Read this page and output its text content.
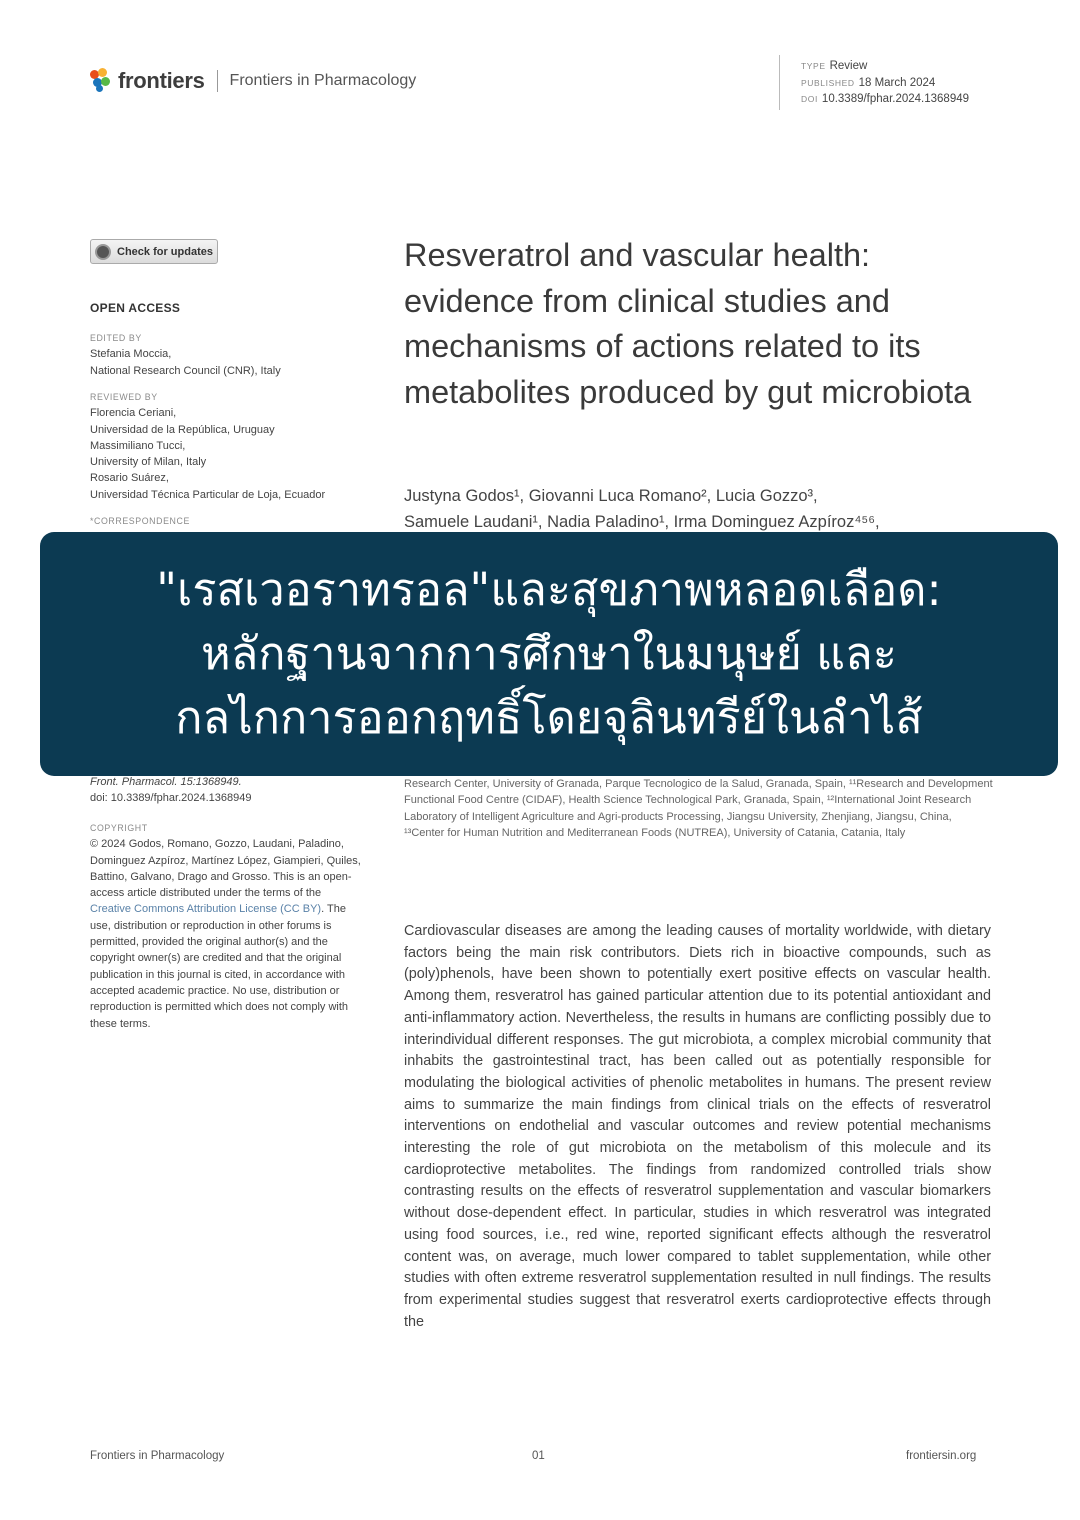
frontiers Frontiers in Pharmacology
TYPE Review
PUBLISHED 18 March 2024
DOI 10.3389/fphar.2024.1368949
Check for updates
OPEN ACCESS
EDITED BY
Stefania Moccia,
National Research Council (CNR), Italy
REVIEWED BY
Florencia Ceriani,
Universidad de la República, Uruguay
Massimiliano Tucci,
University of Milan, Italy
Rosario Suárez,
Universidad Técnica Particular de Loja, Ecuador
*CORRESPONDENCE
Front. Pharmacol. 15:1368949.
doi: 10.3389/fphar.2024.1368949
COPYRIGHT
© 2024 Godos, Romano, Gozzo, Laudani, Paladino, Dominguez Azpíroz, Martínez López, Giampieri, Quiles, Battino, Galvano, Drago and Grosso. This is an open-access article distributed under the terms of the Creative Commons Attribution License (CC BY). The use, distribution or reproduction in other forums is permitted, provided the original author(s) and the copyright owner(s) are credited and that the original publication in this journal is cited, in accordance with accepted academic practice. No use, distribution or reproduction is permitted which does not comply with these terms.
Resveratrol and vascular health: evidence from clinical studies and mechanisms of actions related to its metabolites produced by gut microbiota
Justyna Godos¹, Giovanni Luca Romano², Lucia Gozzo³,
Samuele Laudani¹, Nadia Paladino¹, Irma Dominguez Azpíroz⁴⁵⁶,
Research Center, University of Granada, Parque Tecnologico de la Salud, Granada, Spain, ¹¹Research and Development Functional Food Centre (CIDAF), Health Science Technological Park, Granada, Spain, ¹²International Joint Research Laboratory of Intelligent Agriculture and Agri-products Processing, Jiangsu University, Zhenjiang, Jiangsu, China, ¹³Center for Human Nutrition and Mediterranean Foods (NUTREA), University of Catania, Catania, Italy
Cardiovascular diseases are among the leading causes of mortality worldwide, with dietary factors being the main risk contributors. Diets rich in bioactive compounds, such as (poly)phenols, have been shown to potentially exert positive effects on vascular health. Among them, resveratrol has gained particular attention due to its potential antioxidant and anti-inflammatory action. Nevertheless, the results in humans are conflicting possibly due to interindividual different responses. The gut microbiota, a complex microbial community that inhabits the gastrointestinal tract, has been called out as potentially responsible for modulating the biological activities of phenolic metabolites in humans. The present review aims to summarize the main findings from clinical trials on the effects of resveratrol interventions on endothelial and vascular outcomes and review potential mechanisms interesting the role of gut microbiota on the metabolism of this molecule and its cardioprotective metabolites. The findings from randomized controlled trials show contrasting results on the effects of resveratrol supplementation and vascular biomarkers without dose-dependent effect. In particular, studies in which resveratrol was integrated using food sources, i.e., red wine, reported significant effects although the resveratrol content was, on average, much lower compared to tablet supplementation, while other studies with often extreme resveratrol supplementation resulted in null findings. The results from experimental studies suggest that resveratrol exerts cardioprotective effects through the
"เรสเวอราทรอล"และสุขภาพหลอดเลือด:
หลักฐานจากการศึกษาในมนุษย์ และ
กลไกการออกฤทธิ์โดยจุลินทรีย์ในลำไส้
Frontiers in Pharmacology	01	frontiersin.org
